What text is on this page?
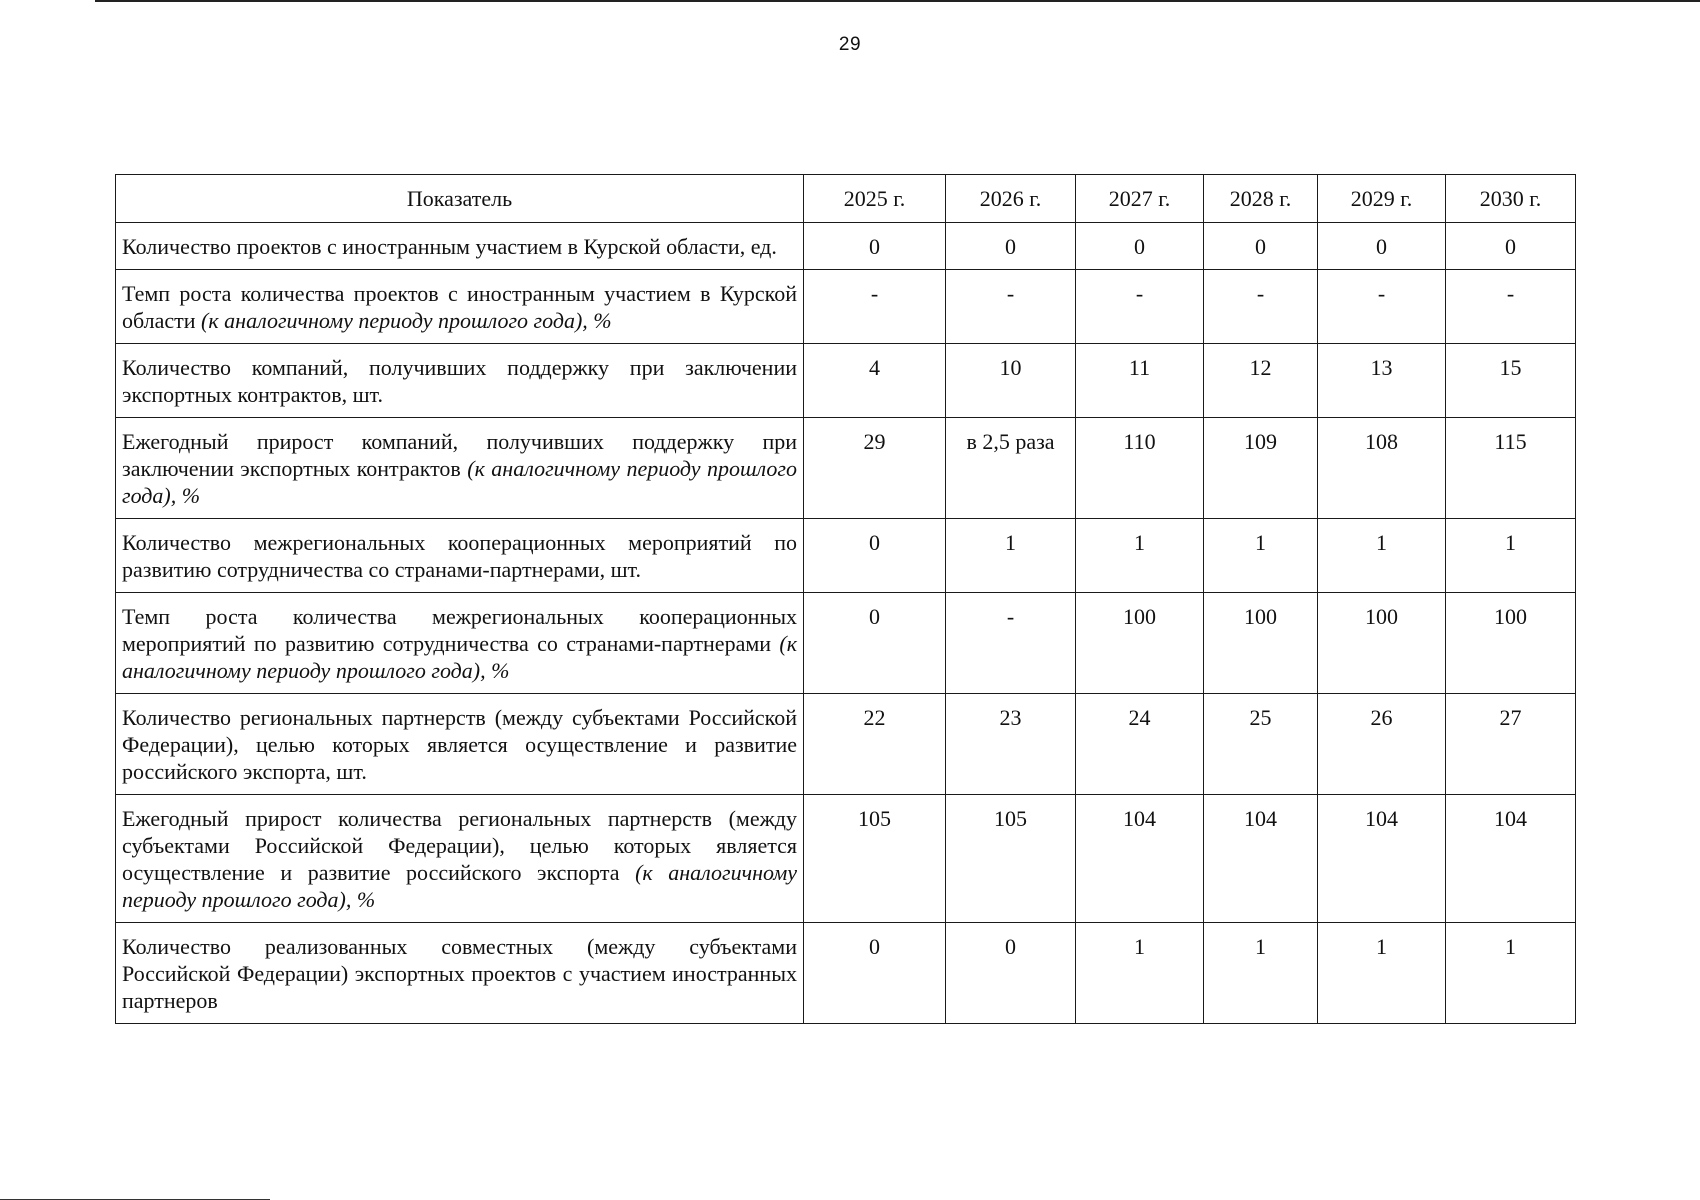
29
Показатель	2025 г.	2026 г.	2027 г.	2028 г.	2029 г.	2030 г.
Количество проектов с иностранным участием в Курской области, ед.	0	0	0	0	0	0
Темп роста количества проектов с иностранным участием в Курской области (к аналогичному периоду прошлого года), %	-	-	-	-	-	-
Количество компаний, получивших поддержку при заключении экспортных контрактов, шт.	4	10	11	12	13	15
Ежегодный прирост компаний, получивших поддержку при заключении экспортных контрактов (к аналогичному периоду прошлого года), %	29	в 2,5 раза	110	109	108	115
Количество межрегиональных кооперационных мероприятий по развитию сотрудничества со странами-партнерами, шт.	0	1	1	1	1	1
Темп роста количества межрегиональных кооперационных мероприятий по развитию сотрудничества со странами-партнерами (к аналогичному периоду прошлого года), %	0	-	100	100	100	100
Количество региональных партнерств (между субъектами Российской Федерации), целью которых является осуществление и развитие российского экспорта, шт.	22	23	24	25	26	27
Ежегодный прирост количества региональных партнерств (между субъектами Российской Федерации), целью которых является осуществление и развитие российского экспорта (к аналогичному периоду прошлого года), %	105	105	104	104	104	104
Количество реализованных совместных (между субъектами Российской Федерации) экспортных проектов с участием иностранных партнеров	0	0	1	1	1	1
